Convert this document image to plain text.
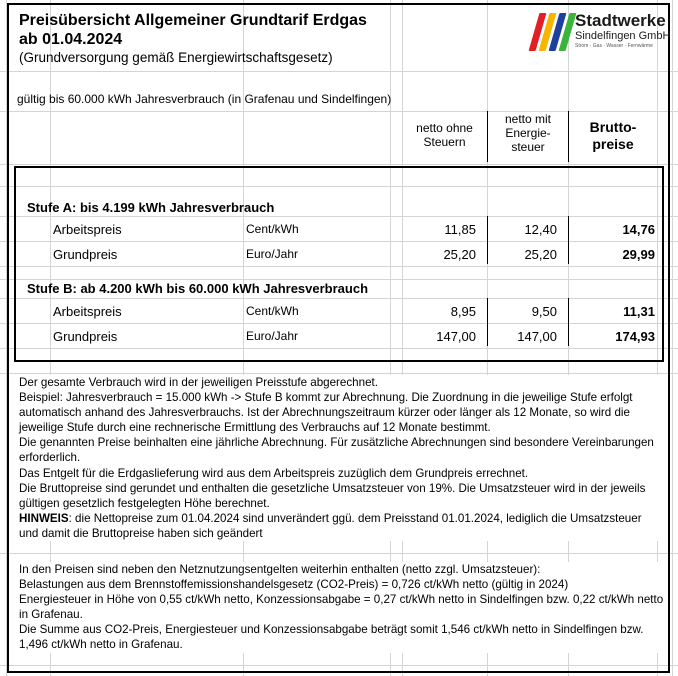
Preisübersicht Allgemeiner Grundtarif Erdgas
ab 01.04.2024
(Grundversorgung gemäß Energiewirtschaftsgesetz)
Stadtwerke
Sindelfingen GmbH
Strom · Gas · Wasser · Fernwärme
gültig bis 60.000 kWh Jahresverbrauch (in Grafenau und Sindelfingen)
netto ohne
Steuern
netto mit
Energie-
steuer
Brutto-
preise
Stufe A: bis 4.199 kWh Jahresverbrauch
Arbeitspreis	Cent/kWh	11,85	12,40	14,76
Grundpreis	Euro/Jahr	25,20	25,20	29,99
Stufe B: ab 4.200 kWh bis 60.000 kWh Jahresverbrauch
Arbeitspreis	Cent/kWh	8,95	9,50	11,31
Grundpreis	Euro/Jahr	147,00	147,00	174,93

Der gesamte Verbrauch wird in der jeweiligen Preisstufe abgerechnet.

Beispiel: Jahresverbrauch = 15.000 kWh -> Stufe B kommt zur Abrechnung. Die Zuordnung in die jeweilige Stufe erfolgt automatisch anhand des Jahresverbrauchs. Ist der Abrechnungszeitraum kürzer oder länger als 12 Monate, so wird die jeweilige Stufe durch eine rechnerische Ermittlung des Verbrauchs auf 12 Monate bestimmt.

Die genannten Preise beinhalten eine jährliche Abrechnung. Für zusätzliche Abrechnungen sind besondere Vereinbarungen erforderlich.

Das Entgelt für die Erdgaslieferung wird aus dem Arbeitspreis zuzüglich dem Grundpreis errechnet.

Die Bruttopreise sind gerundet und enthalten die gesetzliche Umsatzsteuer von 19%. Die Umsatzsteuer wird in der jeweils gültigen gesetzlich festgelegten Höhe berechnet.

HINWEIS: die Nettopreise zum 01.04.2024 sind unverändert ggü. dem Preisstand 01.01.2024, lediglich die Umsatzsteuer und damit die Bruttopreise haben sich geändert

In den Preisen sind neben den Netznutzungsentgelten weiterhin enthalten (netto zzgl. Umsatzsteuer):

Belastungen aus dem Brennstoffemissionshandelsgesetz (CO2-Preis) = 0,726 ct/kWh netto (gültig in 2024)

Energiesteuer in Höhe von 0,55 ct/kWh netto, Konzessionsabgabe = 0,27 ct/kWh netto in Sindelfingen bzw. 0,22 ct/kWh netto in Grafenau.

Die Summe aus CO2-Preis, Energiesteuer und Konzessionsabgabe beträgt somit 1,546 ct/kWh netto in Sindelfingen bzw. 1,496 ct/kWh netto in Grafenau.
